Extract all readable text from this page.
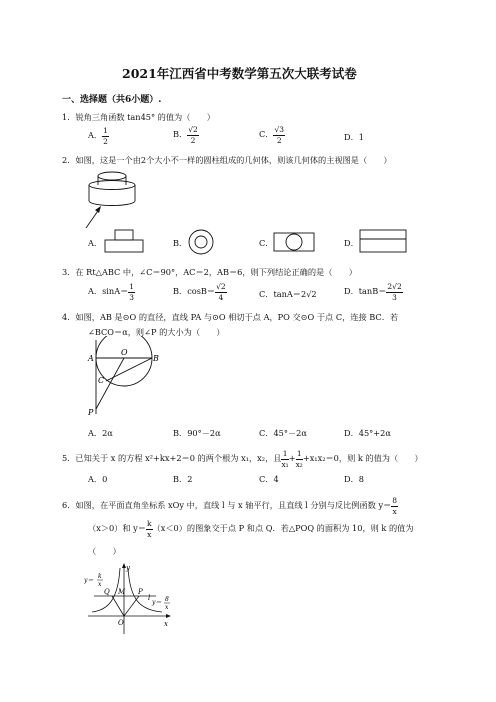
2021年江西省中考数学第五次大联考试卷
一、选择题（共6小题）.
1．锐角三角函数 tan45° 的值为（　　）
A． $\frac{1}{2}$	B． $\frac{√2}{2}$	C． $\frac{√3}{2}$	D．1
2．如图，这是一个由2个大小不一样的圆柱组成的几何体，则该几何体的主视图是（　　）
A．	B．	C．	D．
3．在 Rt△ABC 中，∠C＝90°，AC＝2，AB＝6，则下列结论正确的是（　　）
A．$\sin A= \frac{1}{3}$	B．$\cos B= \frac{√2}{4}$	C．tanA＝2√2	D．$\tan B= \frac{2√2}{3}$
4．如图，AB 是⊙O 的直径，直线 PA 与⊙O 相切于点 A，PO 交⊙O 于点 C，连接 BC．若
∠BCO＝α，则∠P 的大小为（　　）
A
O
B
C
P
A．2α	B．90°－2α	C．45°－2α	D．45°+2α
5．已知关于 x 的方程 x²+kx+2＝0 的两个根为 x₁，x₂，且 $\frac{1}{\text{x₁}} + \frac{1}{\text{x₂}} +x_1x_2=0$，则 k 的值为（　　）
A．0	B．2	C．4	D．8
6．如图，在平面直角坐标系 xOy 中，直线 l 与 x 轴平行，且直线 l 分别与反比例函数 $y= \frac{8}{x}$
（x＞0）和 $y= \frac{k}{x} (x<0)$的图象交于点 P 和点 Q．若△POQ 的面积为 10，则 k 的值为
（　　）
y
x
O
Q M P
l
y＝
k
x
y＝ 8
x
